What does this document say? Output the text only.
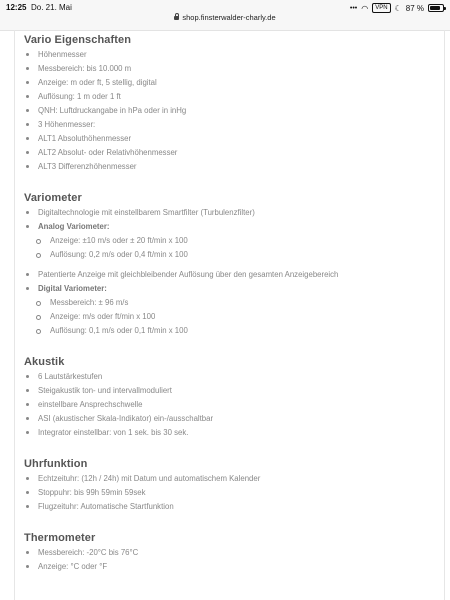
12:25 Do. 21. Mai	••• ◠	VPN ☾ 87 %
shop.finsterwalder-charly.de
Vario Eigenschaften
Höhenmesser
Messbereich: bis 10.000 m
Anzeige: m oder ft, 5 stellig, digital
Auflösung: 1 m oder 1 ft
QNH: Luftdruckangabe in hPa oder in inHg
3 Höhenmesser:
ALT1 Absoluthöhenmesser
ALT2 Absolut- oder Relativhöhenmesser
ALT3 Differenzhöhenmesser
Variometer
Digitaltechnologie mit einstellbarem Smartfilter (Turbulenzfilter)
Analog Variometer:
Anzeige: ±10 m/s oder ± 20 ft/min x 100
Auflösung: 0,2 m/s oder 0,4 ft/min x 100
Patentierte Anzeige mit gleichbleibender Auflösung über den gesamten Anzeigebereich
Digital Variometer:
Messbereich: ± 96 m/s
Anzeige: m/s oder ft/min x 100
Auflösung: 0,1 m/s oder 0,1 ft/min x 100
Akustik
6 Lautstärkestufen
Steigakustik ton- und intervallmoduliert
einstellbare Ansprechschwelle
ASI (akustischer Skala-Indikator) ein-/ausschaltbar
Integrator einstellbar: von 1 sek. bis 30 sek.
Uhrfunktion
Echtzeituhr: (12h / 24h) mit Datum und automatischem Kalender
Stoppuhr: bis 99h 59min 59sek
Flugzeituhr: Automatische Startfunktion
Thermometer
Messbereich: -20°C bis 76°C
Anzeige: °C oder °F
